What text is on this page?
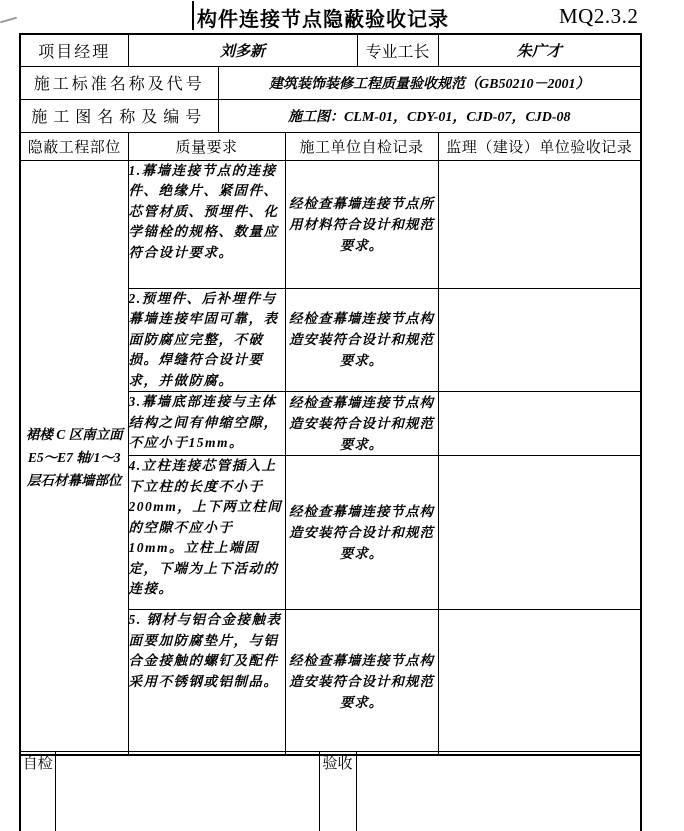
构件连接节点隐蔽验收记录	MQ2.3.2
项目经理	刘多新			专业工长	朱广才
施工标准名称及代号		建筑装饰装修工程质量验收规范（GB50210－2001）			
施工图名称及编号		施工图：CLM-01，CDY-01，CJD-07，CJD-08			
隐蔽工程部位	质量要求		施工单位自检记录		监理（建设）单位验收记录
裙楼 C 区南立面 E5～E7 轴/1～3 层石材幕墙部位	1.幕墙连接节点的连接件、绝缘片、紧固件、芯管材质、预埋件、化学锚栓的规格、数量应符合设计要求。		经检查幕墙连接节点所用材料符合设计和规范要求。		
	2.预埋件、后补埋件与幕墙连接牢固可靠，表面防腐应完整，不破损。焊缝符合设计要求，并做防腐。		经检查幕墙连接节点构造安装符合设计和规范要求。		
	3.幕墙底部连接与主体结构之间有伸缩空隙，不应小于15mm。		经检查幕墙连接节点构造安装符合设计和规范要求。		
	4.立柱连接芯管插入上下立柱的长度不小于200mm，上下两立柱间的空隙不应小于10mm。立柱上端固定，下端为上下活动的连接。		经检查幕墙连接节点构造安装符合设计和规范要求。		
	5. 钢材与铝合金接触表面要加防腐垫片，与铝合金接触的螺钉及配件采用不锈钢或铝制品。		经检查幕墙连接节点构造安装符合设计和规范要求。		
自检		验收	
